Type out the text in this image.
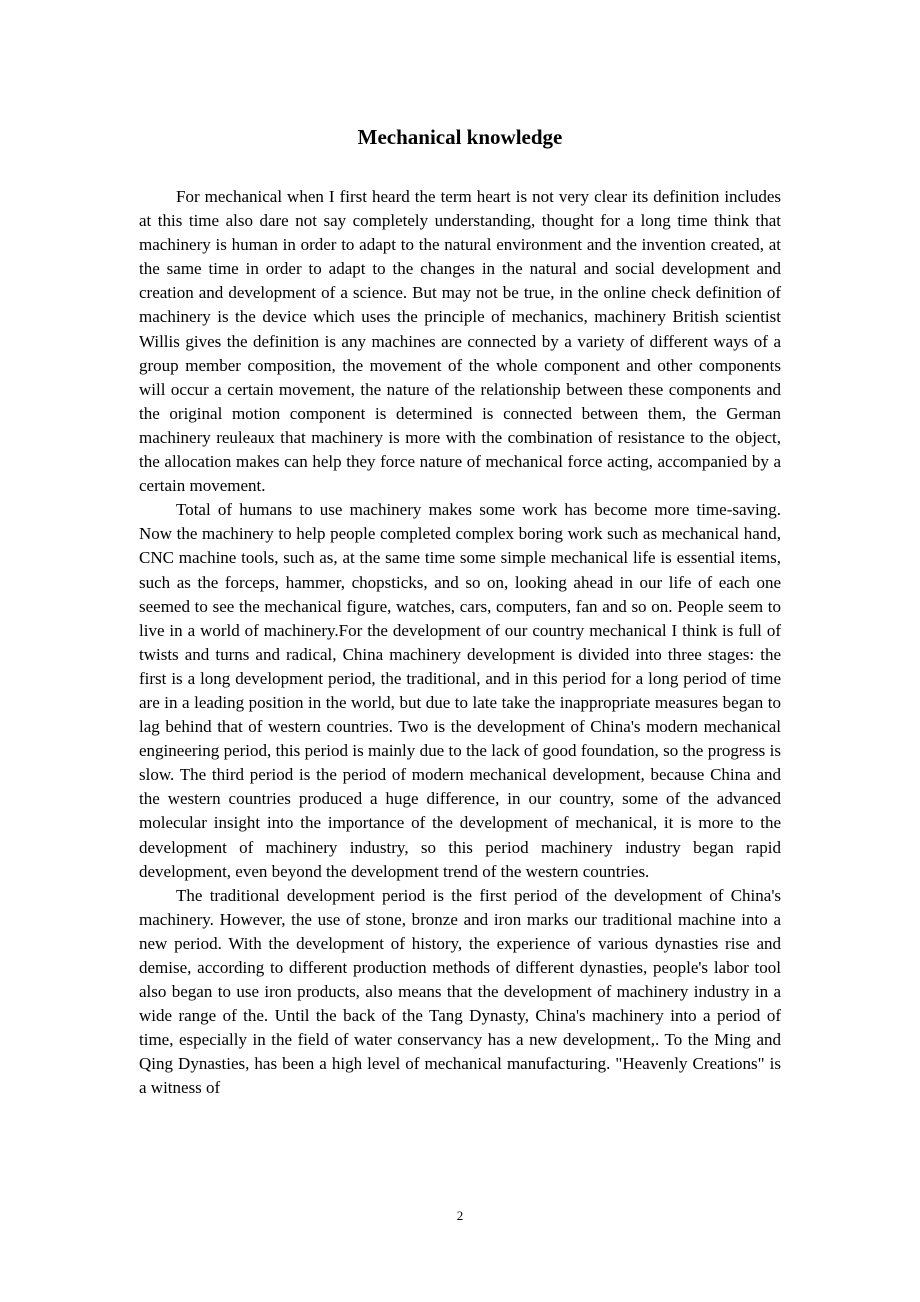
Mechanical knowledge

For mechanical when I first heard the term heart is not very clear its definition includes at this time also dare not say completely understanding, thought for a long time think that machinery is human in order to adapt to the natural environment and the invention created, at the same time in order to adapt to the changes in the natural and social development and creation and development of a science. But may not be true, in the online check definition of machinery is the device which uses the principle of mechanics, machinery British scientist Willis gives the definition is any machines are connected by a variety of different ways of a group member composition, the movement of the whole component and other components will occur a certain movement, the nature of the relationship between these components and the original motion component is determined is connected between them, the German machinery reuleaux that machinery is more with the combination of resistance to the object, the allocation makes can help they force nature of mechanical force acting, accompanied by a certain movement.

Total of humans to use machinery makes some work has become more time-saving. Now the machinery to help people completed complex boring work such as mechanical hand, CNC machine tools, such as, at the same time some simple mechanical life is essential items, such as the forceps, hammer, chopsticks, and so on, looking ahead in our life of each one seemed to see the mechanical figure, watches, cars, computers, fan and so on. People seem to live in a world of machinery.For the development of our country mechanical I think is full of twists and turns and radical, China machinery development is divided into three stages: the first is a long development period, the traditional, and in this period for a long period of time are in a leading position in the world, but due to late take the inappropriate measures began to lag behind that of western countries. Two is the development of China's modern mechanical engineering period, this period is mainly due to the lack of good foundation, so the progress is slow. The third period is the period of modern mechanical development, because China and the western countries produced a huge difference, in our country, some of the advanced molecular insight into the importance of the development of mechanical, it is more to the development of machinery industry, so this period machinery industry began rapid development, even beyond the development trend of the western countries.

The traditional development period is the first period of the development of China's machinery. However, the use of stone, bronze and iron marks our traditional machine into a new period. With the development of history, the experience of various dynasties rise and demise, according to different production methods of different dynasties, people's labor tool also began to use iron products, also means that the development of machinery industry in a wide range of the. Until the back of the Tang Dynasty, China's machinery into a period of time, especially in the field of water conservancy has a new development,. To the Ming and Qing Dynasties, has been a high level of mechanical manufacturing. "Heavenly Creations" is a witness of

2
